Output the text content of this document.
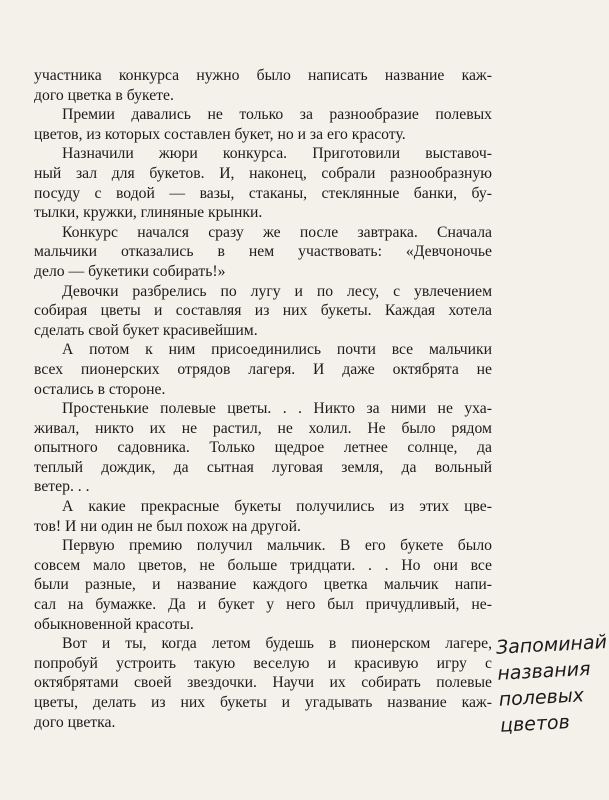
участника конкурса нужно было написать название каж-
дого цветка в букете.
Премии давались не только за разнообразие полевых
цветов, из которых составлен букет, но и за его красоту.
Назначили жюри конкурса. Приготовили выставоч-
ный зал для букетов. И, наконец, собрали разнообразную
посуду с водой — вазы, стаканы, стеклянные банки, бу-
тылки, кружки, глиняные крынки.
Конкурс начался сразу же после завтрака. Сначала
мальчики отказались в нем участвовать: «Девчоночье
дело — букетики собирать!»
Девочки разбрелись по лугу и по лесу, с увлечением
собирая цветы и составляя из них букеты. Каждая хотела
сделать свой букет красивейшим.
А потом к ним присоединились почти все мальчики
всех пионерских отрядов лагеря. И даже октябрята не
остались в стороне.
Простенькие полевые цветы. . . Никто за ними не уха-
живал, никто их не растил, не холил. Не было рядом
опытного садовника. Только щедрое летнее солнце, да
теплый дождик, да сытная луговая земля, да вольный
ветер. . .
А какие прекрасные букеты получились из этих цве-
тов! И ни один не был похож на другой.
Первую премию получил мальчик. В его букете было
совсем мало цветов, не больше тридцати. . . Но они все
были разные, и название каждого цветка мальчик напи-
сал на бумажке. Да и букет у него был причудливый, не-
обыкновенной красоты.
Вот и ты, когда летом будешь в пионерском лагере,
попробуй устроить такую веселую и красивую игру с
октябрятами своей звездочки. Научи их собирать полевые
цветы, делать из них букеты и угадывать название каж-
дого цветка.
Запоминай
названия
полевых
цветов
